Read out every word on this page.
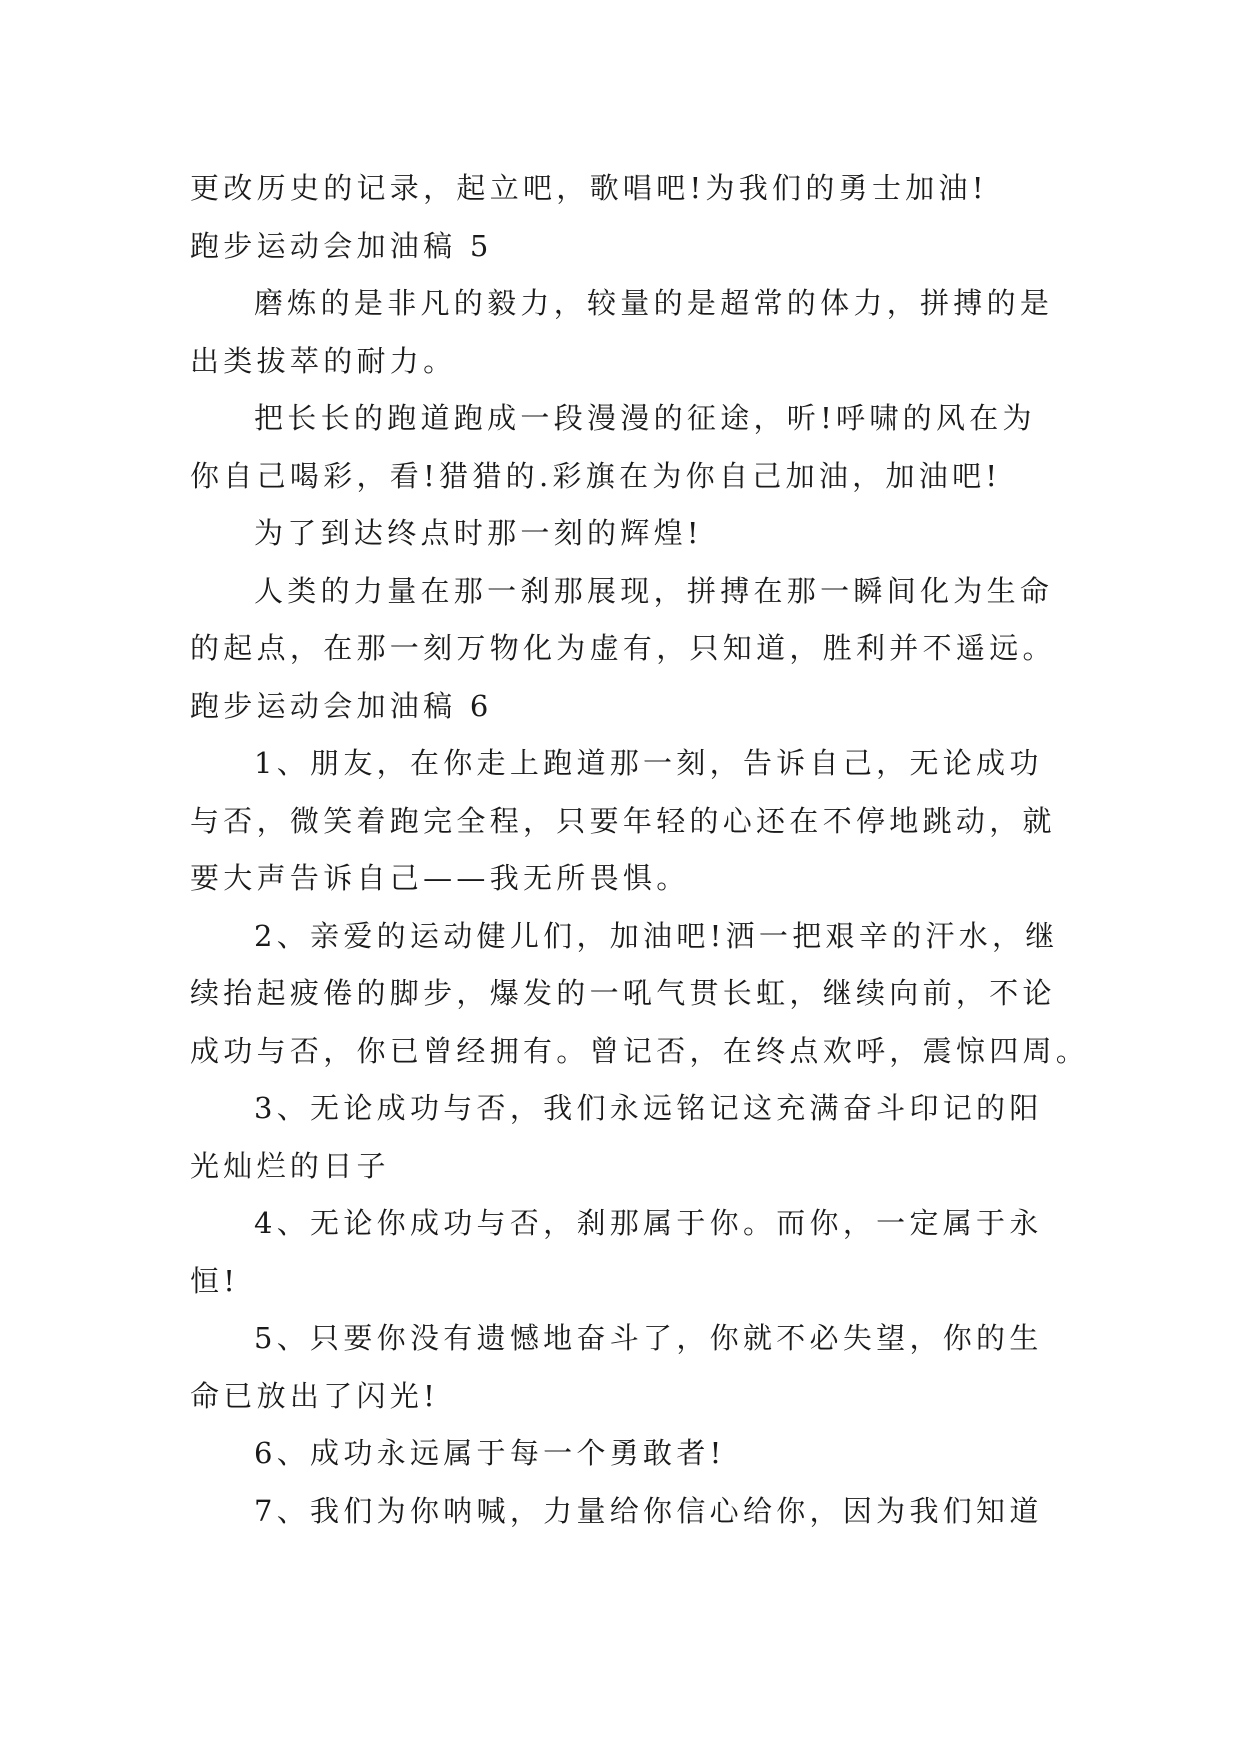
更改历史的记录，起立吧，歌唱吧!为我们的勇士加油!
跑步运动会加油稿 5
磨炼的是非凡的毅力，较量的是超常的体力，拼搏的是
出类拔萃的耐力。
把长长的跑道跑成一段漫漫的征途，听!呼啸的风在为
你自己喝彩，看!猎猎的.彩旗在为你自己加油，加油吧!
为了到达终点时那一刻的辉煌!
人类的力量在那一刹那展现，拼搏在那一瞬间化为生命
的起点，在那一刻万物化为虚有，只知道，胜利并不遥远。
跑步运动会加油稿 6
1、朋友，在你走上跑道那一刻，告诉自己，无论成功
与否，微笑着跑完全程，只要年轻的心还在不停地跳动，就
要大声告诉自己——我无所畏惧。
2、亲爱的运动健儿们，加油吧!洒一把艰辛的汗水，继
续抬起疲倦的脚步，爆发的一吼气贯长虹，继续向前，不论
成功与否，你已曾经拥有。曾记否，在终点欢呼，震惊四周。
3、无论成功与否，我们永远铭记这充满奋斗印记的阳
光灿烂的日子
4、无论你成功与否，刹那属于你。而你，一定属于永
恒!
5、只要你没有遗憾地奋斗了，你就不必失望，你的生
命已放出了闪光!
6、成功永远属于每一个勇敢者!
7、我们为你呐喊，力量给你信心给你，因为我们知道
